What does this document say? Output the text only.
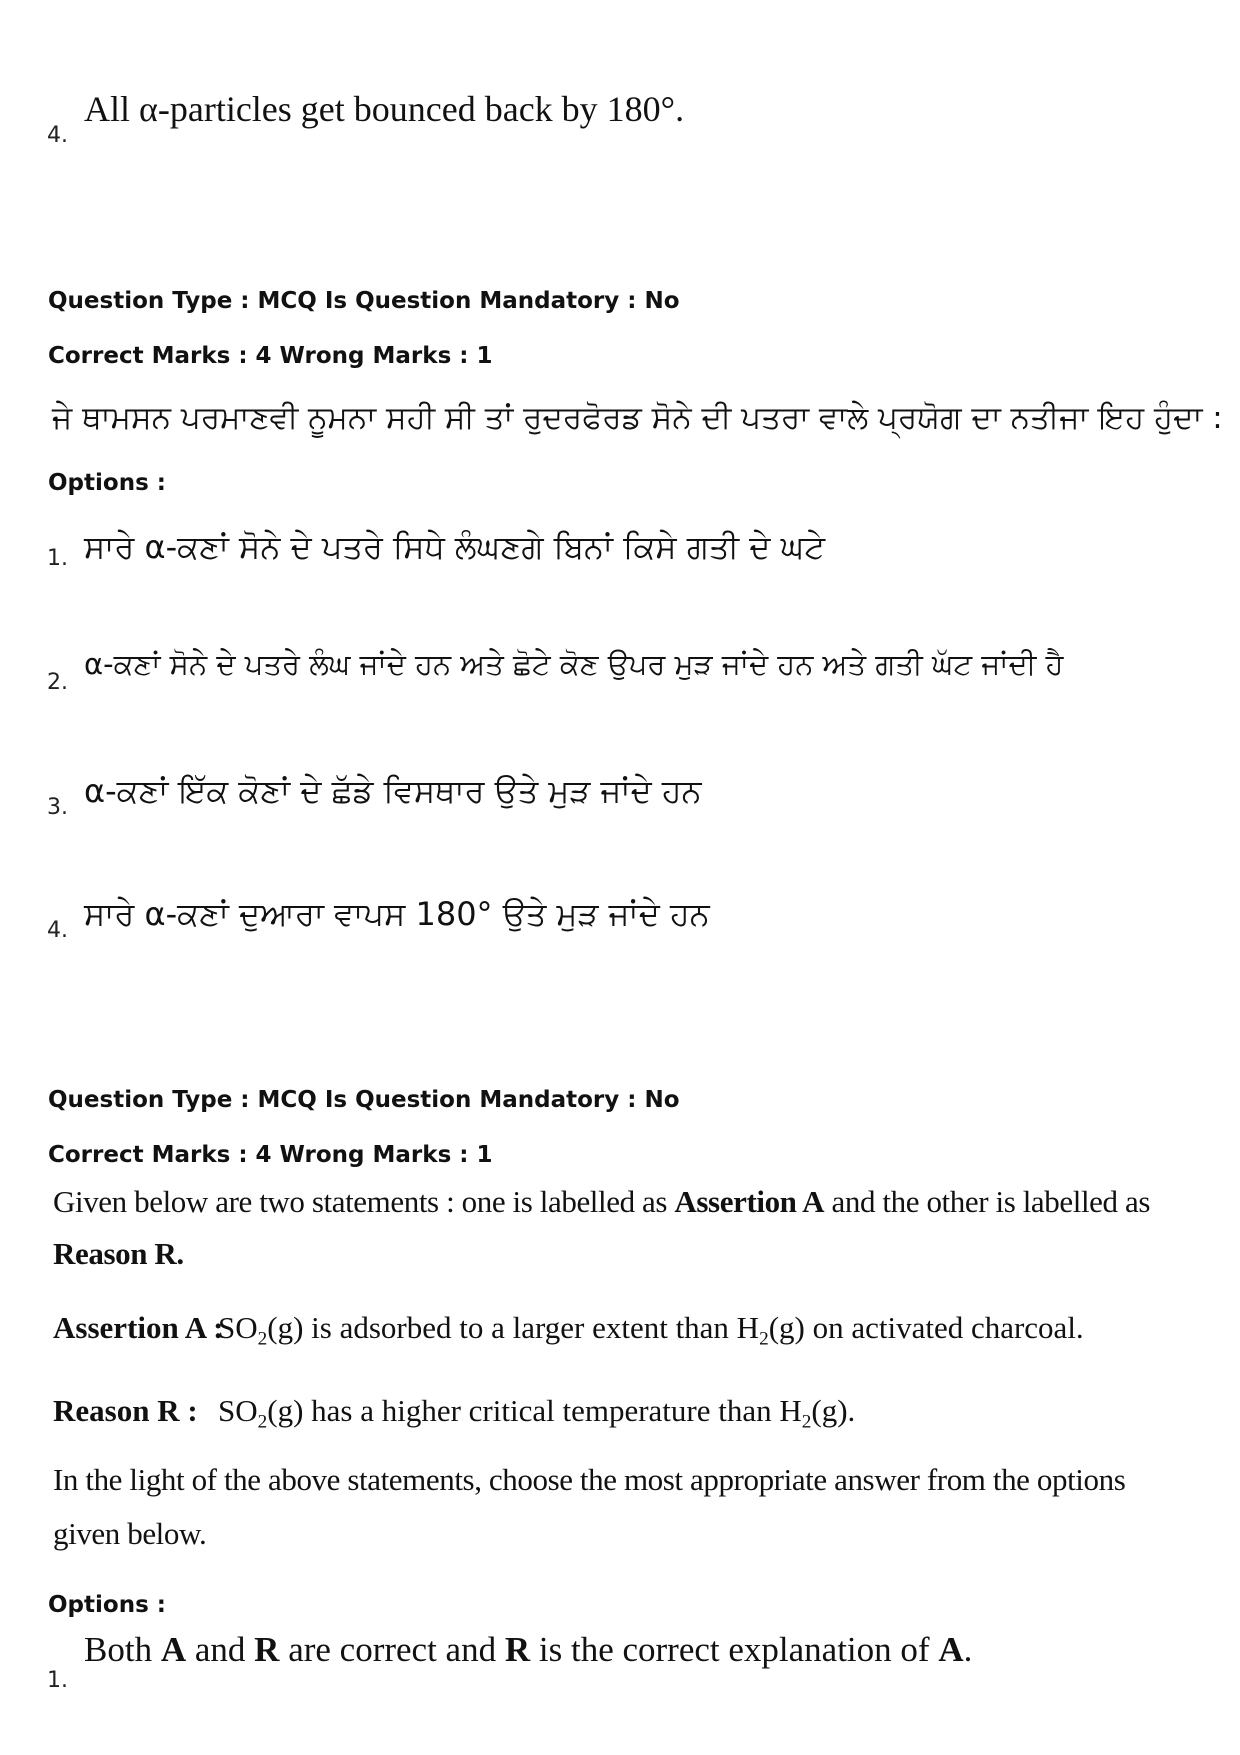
4.
All α-particles get bounced back by 180°.
Question Type : MCQ Is Question Mandatory : No
Correct Marks : 4 Wrong Marks : 1
ਜੇ ਥਾਮਸਨ ਪਰਮਾਣਵੀ ਨੂਮਨਾ ਸਹੀ ਸੀ ਤਾਂ ਰੁਦਰਫੋਰਡ ਸੋਨੇ ਦੀ ਪਤਰਾ ਵਾਲੇ ਪ੍ਰਯੋਗ ਦਾ ਨਤੀਜਾ ਇਹ ਹੁੰਦਾ :
Options :
1. ਸਾਰੇ α-ਕਣਾਂ ਸੋਨੇ ਦੇ ਪਤਰੇ ਸਿਧੇ ਲੰਘਣਗੇ ਬਿਨਾਂ ਕਿਸੇ ਗਤੀ ਦੇ ਘਟੇ
2.
α-ਕਣਾਂ ਸੋਨੇ ਦੇ ਪਤਰੇ ਲੰਘ ਜਾਂਦੇ ਹਨ ਅਤੇ ਛੋਟੇ ਕੋਣ ਉਪਰ ਮੁੜ ਜਾਂਦੇ ਹਨ ਅਤੇ ਗਤੀ ਘੱਟ ਜਾਂਦੀ ਹੈ
3. α-ਕਣਾਂ ਇੱਕ ਕੋਣਾਂ ਦੇ ਛੱਡੇ ਵਿਸਥਾਰ ਉਤੇ ਮੁੜ ਜਾਂਦੇ ਹਨ
4. ਸਾਰੇ α-ਕਣਾਂ ਦੁਆਰਾ ਵਾਪਸ 180° ਉਤੇ ਮੁੜ ਜਾਂਦੇ ਹਨ
Question Type : MCQ Is Question Mandatory : No
Correct Marks : 4 Wrong Marks : 1
Given below are two statements : one is labelled as Assertion A and the other is labelled as
Reason R.
Assertion A :
$SO_2(g)$ is adsorbed to a larger extent than $H_2(g)$ on activated charcoal.
Reason R : $SO_2(g)$ has a higher critical temperature than $H_2(g)$.
In the light of the above statements, choose the most appropriate answer from the options
given below.
Options :
1.
Both A and R are correct and R is the correct explanation of A.
